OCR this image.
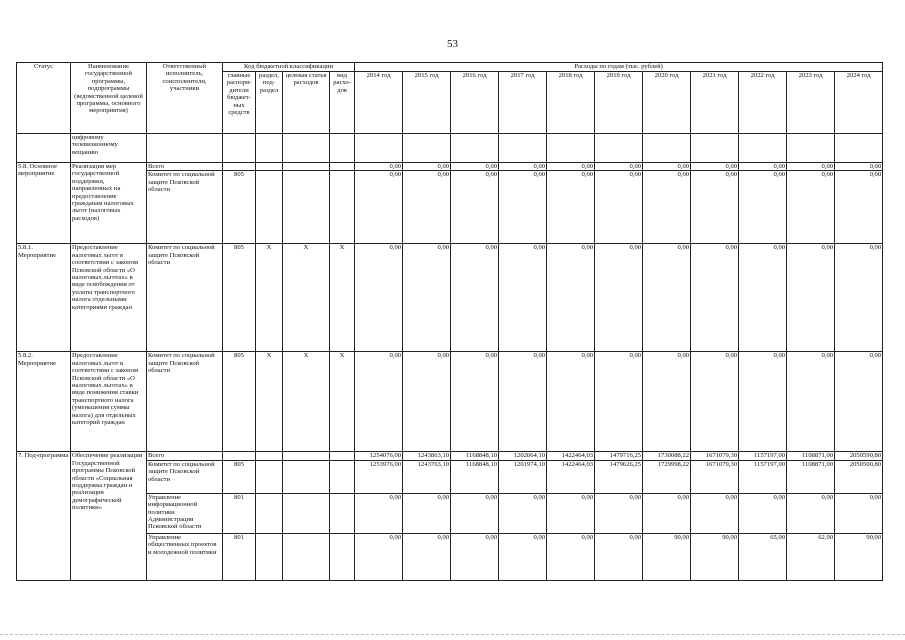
53
Статус	Наименование государственной программы, подпрограммы (ведомственной целевой программы, основного мероприятия)	Ответственный исполнитель, соисполнители, участники	Код бюджетной классификации				Расходы по годам (тыс. рублей)										
			главные распоря-дители бюджет-ных средств	раздел, под-раздел	целевая статья расходов	вид расхо-дов	2014 год	2015 год	2016 год	2017 год	2018 год	2019 год	2020 год	2021 год	2022 год	2023 год	2024 год
	цифровому телевизионному вещанию																
5.8. Основное мероприятие	Реализация мер государственной поддержки, направленных на предоставление гражданам налоговых льгот (налоговых расходов)	Всего					0,00	0,00	0,00	0,00	0,00	0,00	0,00	0,00	0,00	0,00	0,00
		Комитет по социальной защите Псковской области	805				0,00	0,00	0,00	0,00	0,00	0,00	0,00	0,00	0,00	0,00	0,00
5.8.1. Мероприятие	Предоставление налоговых льгот в соответствии с законом Псковской области «О налоговых льготах» в виде освобождения от уплаты транспортного налога отдельными категориями граждан	Комитет по социальной защите Псковской области	805	Х	Х	Х	0,00	0,00	0,00	0,00	0,00	0,00	0,00	0,00	0,00	0,00	0,00
5.8.2. Мероприятие	Предоставление налоговых льгот в соответствии с законом Псковской области «О налоговых льготах» в виде понижения ставки транспортного налога (уменьшения суммы налога) для отдельных категорий граждан	Комитет по социальной защите Псковской области	805	Х	Х	Х	0,00	0,00	0,00	0,00	0,00	0,00	0,00	0,00	0,00	0,00	0,00
7. Под-программа	Обеспечение реализации Государственной программы Псковской области «Социальная поддержка граждан и реализация демографической политики»	Всего					1254076,00	1243863,10	1168848,10	1202064,10	1422464,03	1479716,25	1730088,22	1671079,30	1157197,00	1108871,00	2050590,80
		Комитет по социальной защите Псковской области	805				1253976,00	1243763,10	1168848,10	1201974,10	1422464,03	1479626,25	1729998,22	1671079,30	1157197,00	1108871,00	2050500,80
		Управление информационной политики Администрации Псковской области	801				0,00	0,00	0,00	0,00	0,00	0,00	0,00	0,00	0,00	0,00	0,00
		Управление общественных проектов и молодежной политики	801				0,00	0,00	0,00	0,00	0,00	0,00	90,00	90,00	65,00	62,00	90,00
